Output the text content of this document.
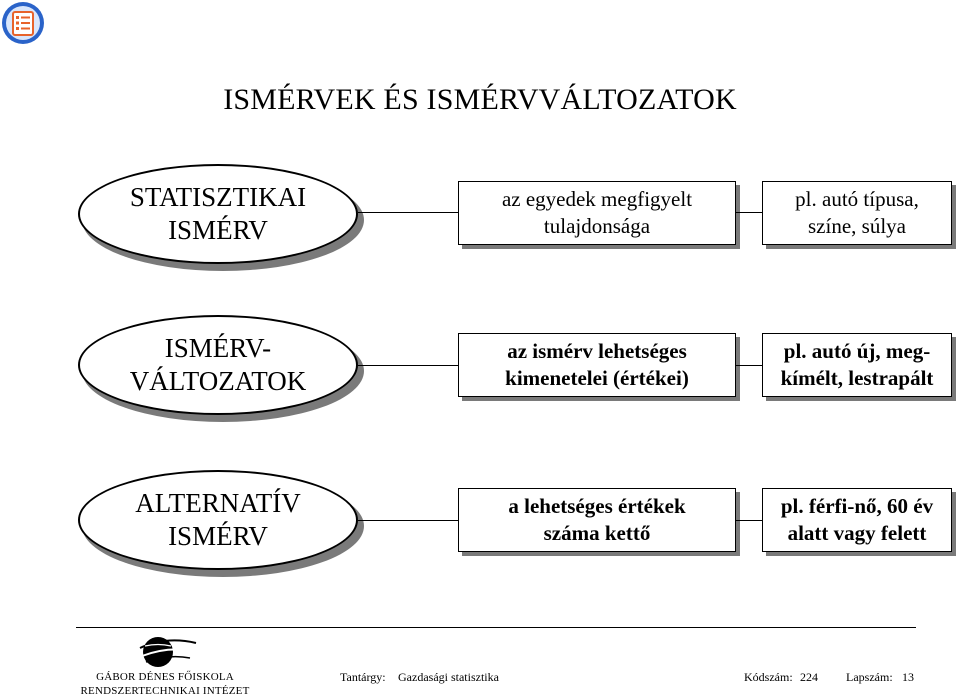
ISMÉRVEK ÉS ISMÉRVVÁLTOZATOK
STATISZTIKAI
ISMÉRV
az egyedek megfigyelt
tulajdonsága
pl. autó típusa,
színe, súlya
ISMÉRV-
VÁLTOZATOK
az ismérv lehetséges
kimenetelei (értékei)
pl. autó új, meg-
kímélt, lestrapált
ALTERNATÍV
ISMÉRV
a lehetséges értékek
száma kettő
pl. férfi-nő, 60 év
alatt vagy felett
GÁBOR DÉNES FŐISKOLA
RENDSZERTECHNIKAI INTÉZET
Tantárgy: Gazdasági statisztika	Kódszám: 224 Lapszám: 13
